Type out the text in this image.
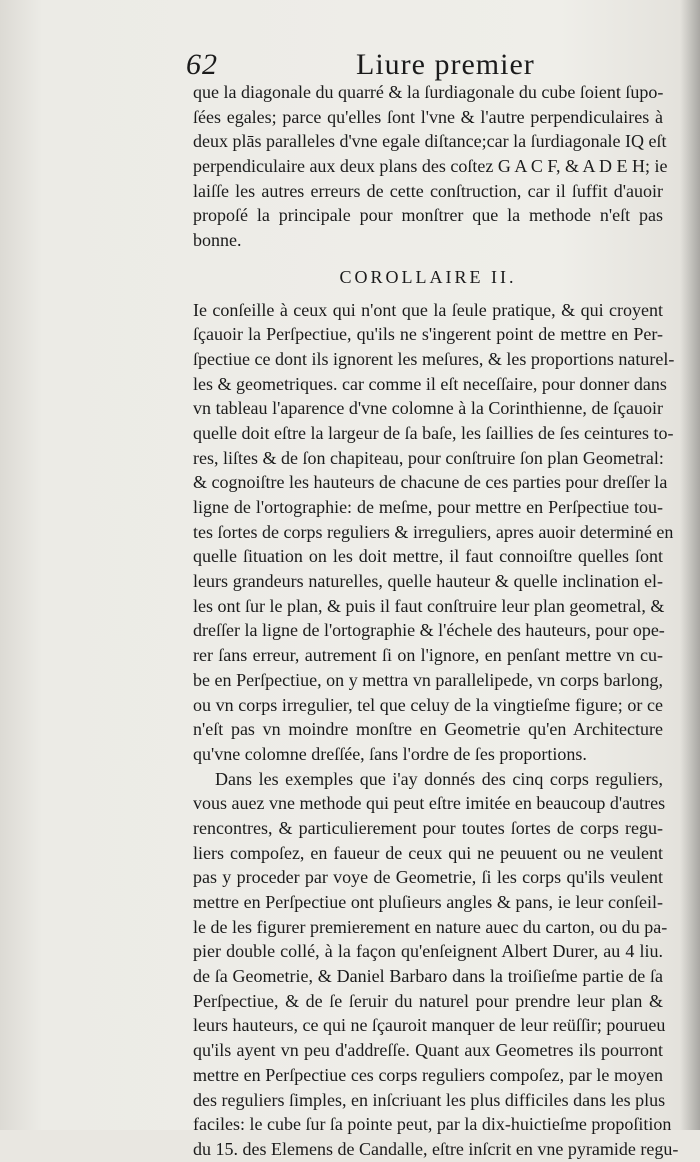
62	Liure premier
que la diagonale du quarré & la ſurdiagonale du cube ſoient ſupo-
ſées egales; parce qu'elles ſont l'vne & l'autre perpendiculaires à
deux plās paralleles d'vne egale diſtance;car la ſurdiagonale IQ eſt
perpendiculaire aux deux plans des coſtez G A C F, & A D E H; ie
laiſſe les autres erreurs de cette conſtruction, car il ſuffit d'auoir
propoſé la principale pour monſtrer que la methode n'eſt pas
bonne.
COROLLAIRE II.
Ie conſeille à ceux qui n'ont que la ſeule pratique, & qui croyent
ſçauoir la Perſpectiue, qu'ils ne s'ingerent point de mettre en Per-
ſpectiue ce dont ils ignorent les meſures, & les proportions naturel-
les & geometriques. car comme il eſt neceſſaire, pour donner dans
vn tableau l'aparence d'vne colomne à la Corinthienne, de ſçauoir
quelle doit eſtre la largeur de ſa baſe, les ſaillies de ſes ceintures to-
res, liſtes & de ſon chapiteau, pour conſtruire ſon plan Geometral:
& cognoiſtre les hauteurs de chacune de ces parties pour dreſſer la
ligne de l'ortographie: de meſme, pour mettre en Perſpectiue tou-
tes ſortes de corps reguliers & irreguliers, apres auoir determiné en
quelle ſituation on les doit mettre, il faut connoiſtre quelles ſont
leurs grandeurs naturelles, quelle hauteur & quelle inclination el-
les ont ſur le plan, & puis il faut conſtruire leur plan geometral, &
dreſſer la ligne de l'ortographie & l'échele des hauteurs, pour ope-
rer ſans erreur, autrement ſi on l'ignore, en penſant mettre vn cu-
be en Perſpectiue, on y mettra vn parallelipede, vn corps barlong,
ou vn corps irregulier, tel que celuy de la vingtieſme figure; or ce
n'eſt pas vn moindre monſtre en Geometrie qu'en Architecture
qu'vne colomne dreſſée, ſans l'ordre de ſes proportions.
Dans les exemples que i'ay donnés des cinq corps reguliers,
vous auez vne methode qui peut eſtre imitée en beaucoup d'autres
rencontres, & particulierement pour toutes ſortes de corps regu-
liers compoſez, en faueur de ceux qui ne peuuent ou ne veulent
pas y proceder par voye de Geometrie, ſi les corps qu'ils veulent
mettre en Perſpectiue ont pluſieurs angles & pans, ie leur conſeil-
le de les figurer premierement en nature auec du carton, ou du pa-
pier double collé, à la façon qu'enſeignent Albert Durer, au 4 liu.
de ſa Geometrie, & Daniel Barbaro dans la troiſieſme partie de ſa
Perſpectiue, & de ſe ſeruir du naturel pour prendre leur plan &
leurs hauteurs, ce qui ne ſçauroit manquer de leur reüſſir; pourueu
qu'ils ayent vn peu d'addreſſe. Quant aux Geometres ils pourront
mettre en Perſpectiue ces corps reguliers compoſez, par le moyen
des reguliers ſimples, en inſcriuant les plus difficiles dans les plus
faciles: le cube ſur ſa pointe peut, par la dix-huictieſme propoſition
du 15. des Elemens de Candalle, eſtre inſcrit en vne pyramide regu-
